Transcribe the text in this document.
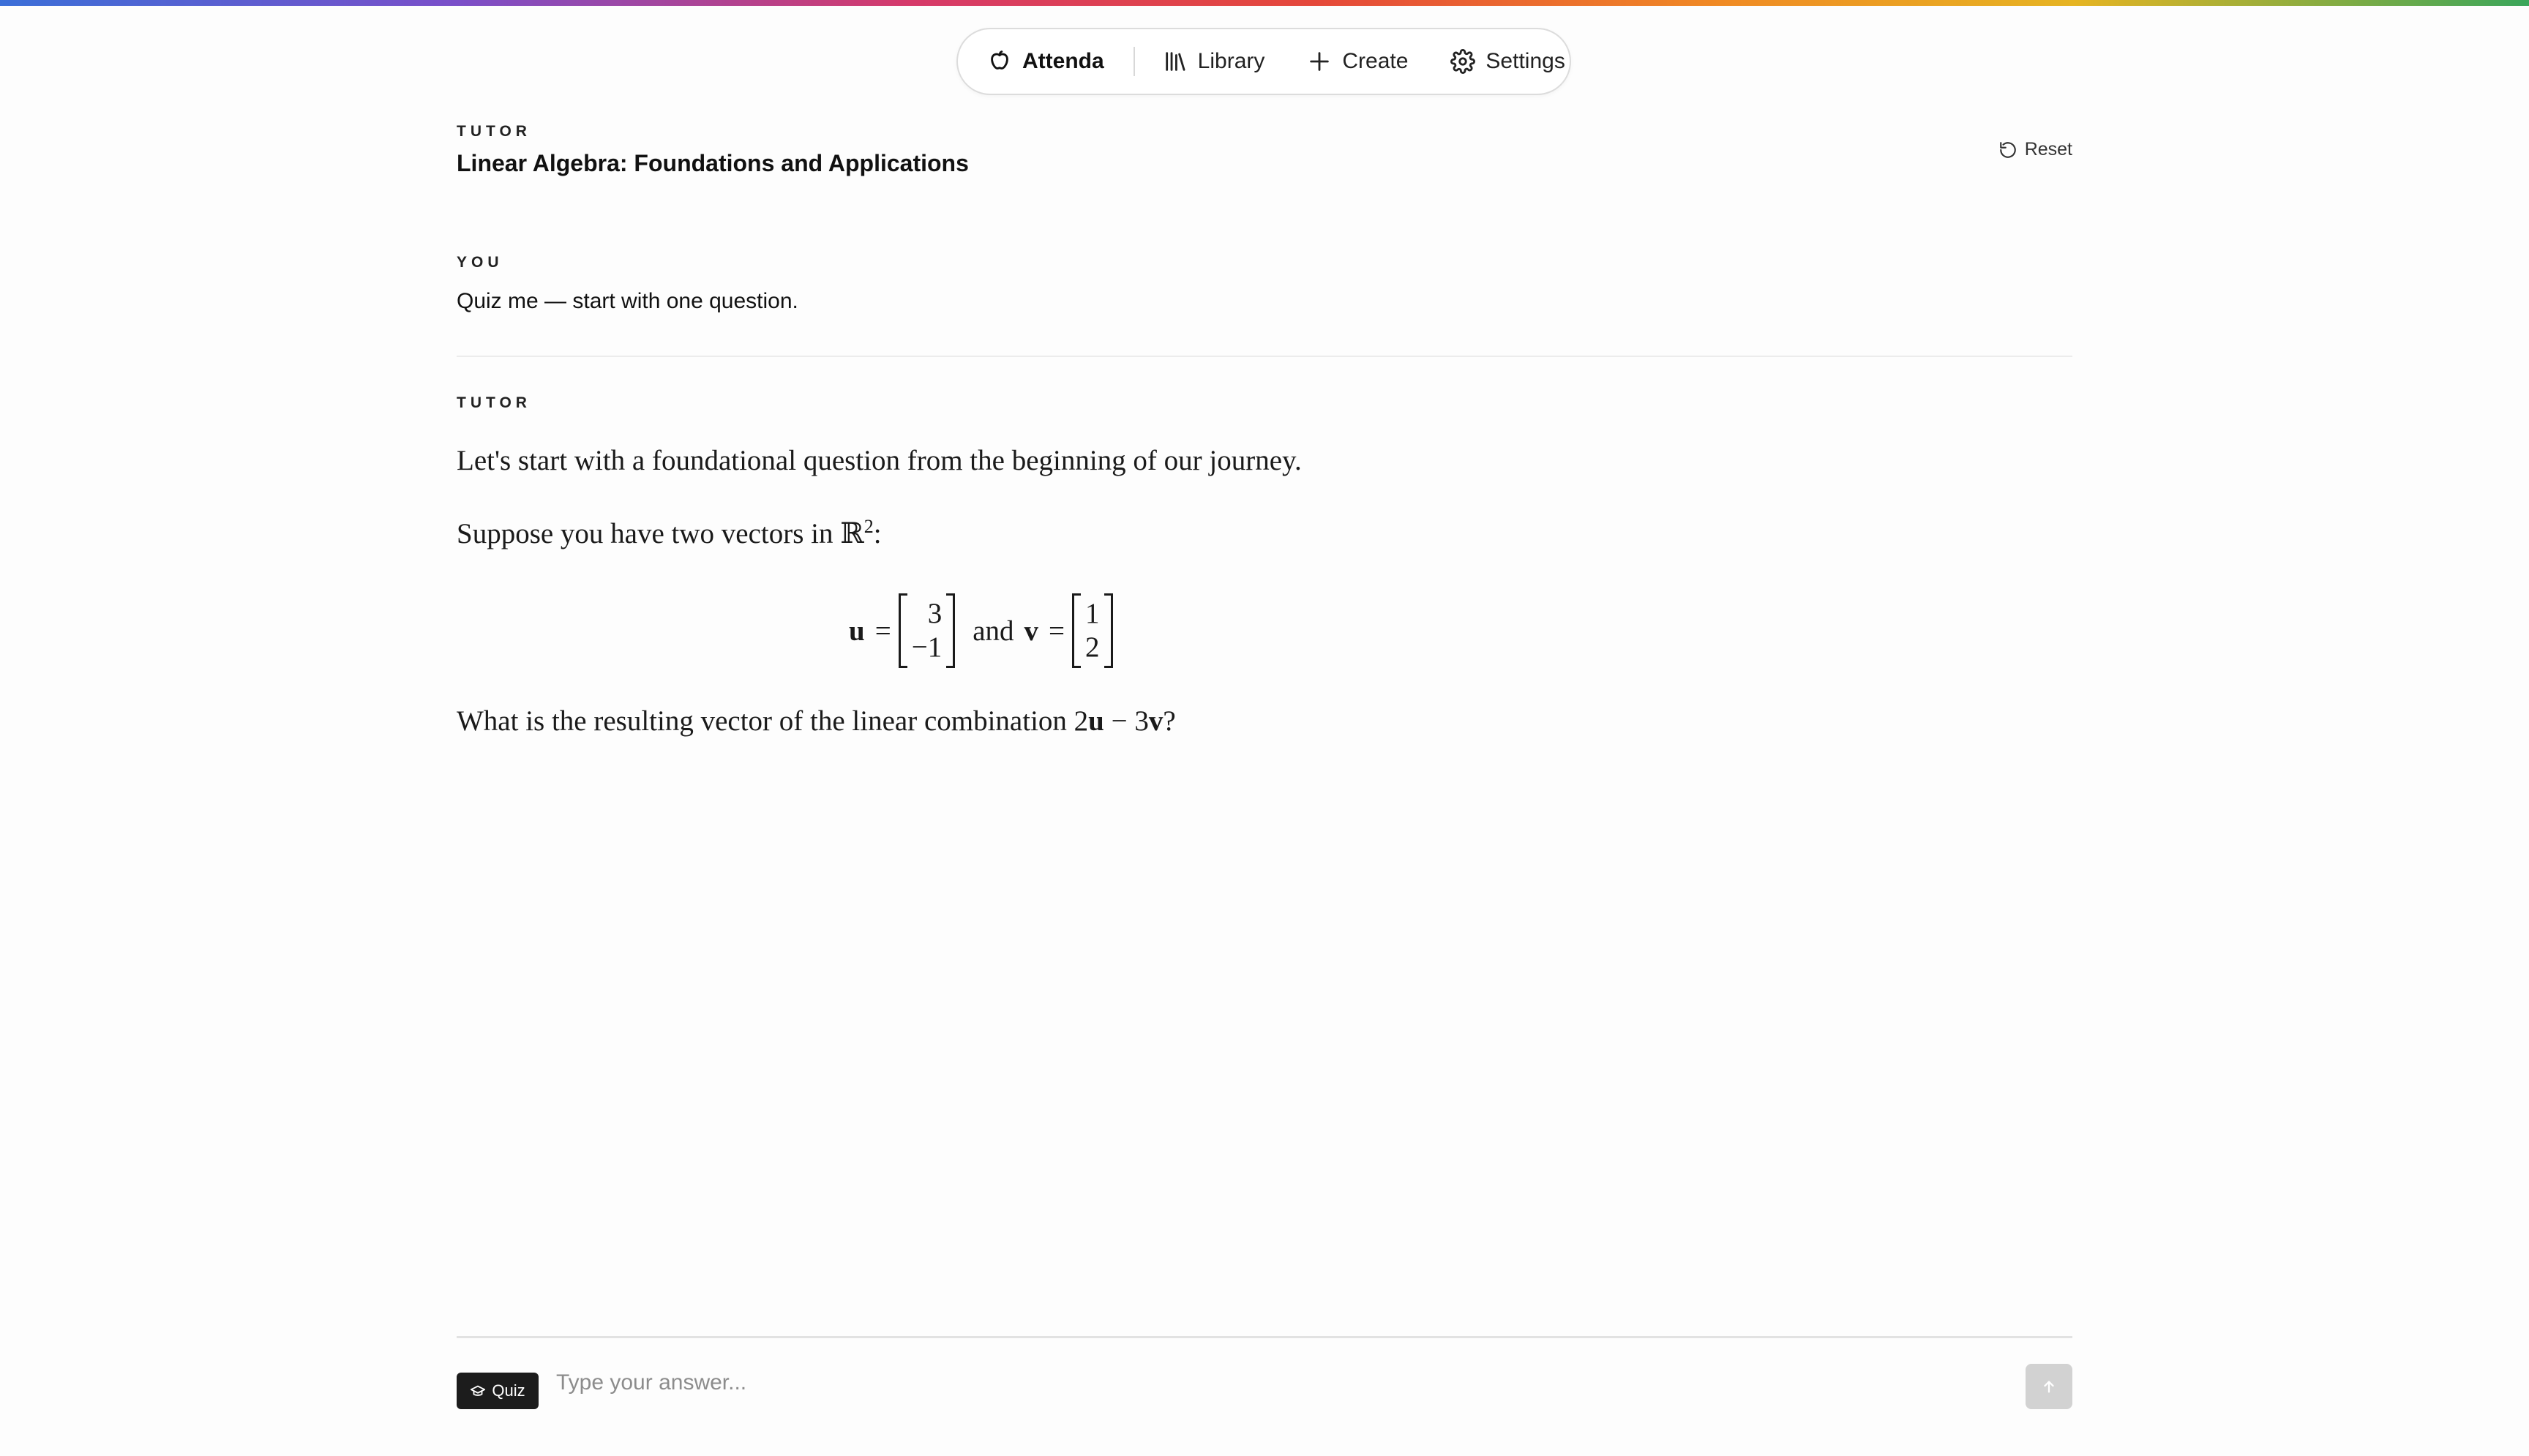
Attenda	Library	Create	Settings
TUTOR
Linear Algebra: Foundations and Applications
Reset
YOU
Quiz me — start with one question.
TUTOR
Let's start with a foundational question from the beginning of our journey.
Suppose you have two vectors in ℝ$^2$:
u =
3
−1
and v =
1
2
What is the resulting vector of the linear combination 2u − 3v?
Quiz
Type your answer...
